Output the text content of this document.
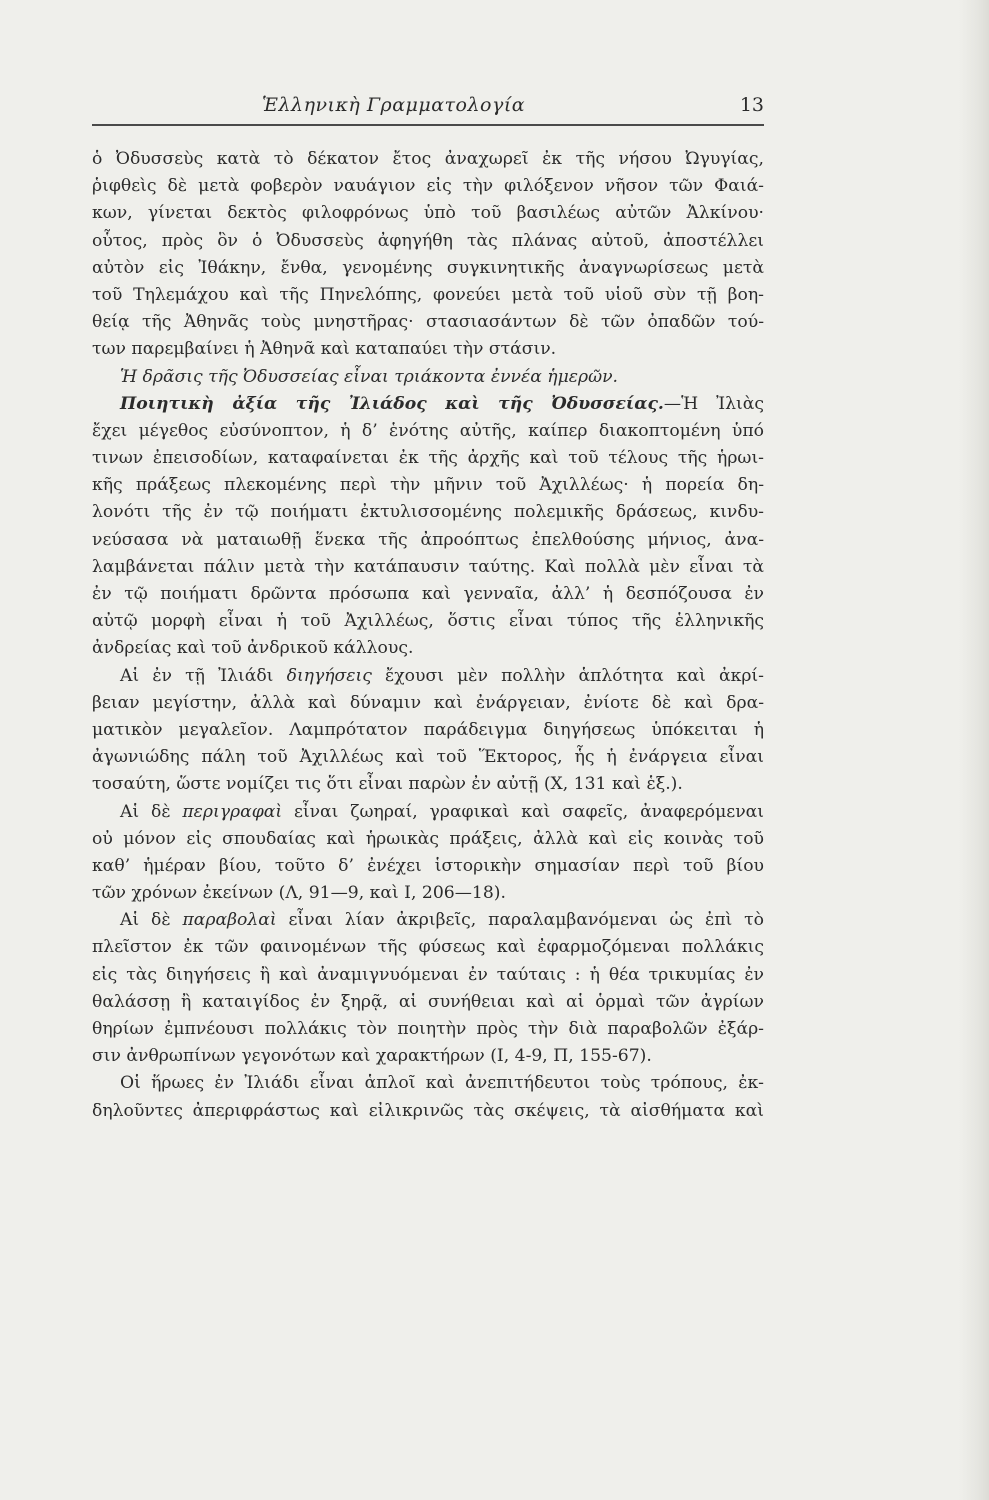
Ἑλληνικὴ Γραμματολογία	13
ὁ Ὀδυσσεὺς κατὰ τὸ δέκατον ἔτος ἀναχωρεῖ ἐκ τῆς νήσου Ὠγυγίας,
ῥιφθεὶς δὲ μετὰ φοβερὸν ναυάγιον εἰς τὴν φιλόξενον νῆσον τῶν Φαιά-
κων, γίνεται δεκτὸς φιλοφρόνως ὑπὸ τοῦ βασιλέως αὐτῶν Ἀλκίνου·
οὗτος, πρὸς ὃν ὁ Ὀδυσσεὺς ἀφηγήθη τὰς πλάνας αὐτοῦ, ἀποστέλλει
αὐτὸν εἰς Ἰθάκην, ἔνθα, γενομένης συγκινητικῆς ἀναγνωρίσεως μετὰ
τοῦ Τηλεμάχου καὶ τῆς Πηνελόπης, φονεύει μετὰ τοῦ υἱοῦ σὺν τῇ βοη-
θείᾳ τῆς Ἀθηνᾶς τοὺς μνηστῆρας· στασιασάντων δὲ τῶν ὀπαδῶν τού-
των παρεμβαίνει ἡ Ἀθηνᾶ καὶ καταπαύει τὴν στάσιν.
Ἡ δρᾶσις τῆς Ὀδυσσείας εἶναι τριάκοντα ἐννέα ἡμερῶν.
Ποιητικὴ ἀξία τῆς Ἰλιάδος καὶ τῆς Ὀδυσσείας.—Ἡ Ἰλιὰς
ἔχει μέγεθος εὐσύνοπτον, ἡ δ’ ἑνότης αὐτῆς, καίπερ διακοπτομένη ὑπό
τινων ἐπεισοδίων, καταφαίνεται ἐκ τῆς ἀρχῆς καὶ τοῦ τέλους τῆς ἡρωι-
κῆς πράξεως πλεκομένης περὶ τὴν μῆνιν τοῦ Ἀχιλλέως· ἡ πορεία δη-
λονότι τῆς ἐν τῷ ποιήματι ἐκτυλισσομένης πολεμικῆς δράσεως, κινδυ-
νεύσασα νὰ ματαιωθῇ ἕνεκα τῆς ἀπροόπτως ἐπελθούσης μήνιος, ἀνα-
λαμβάνεται πάλιν μετὰ τὴν κατάπαυσιν ταύτης. Καὶ πολλὰ μὲν εἶναι τὰ
ἐν τῷ ποιήματι δρῶντα πρόσωπα καὶ γενναῖα, ἀλλ’ ἡ δεσπόζουσα ἐν
αὐτῷ μορφὴ εἶναι ἡ τοῦ Ἀχιλλέως, ὅστις εἶναι τύπος τῆς ἑλληνικῆς
ἀνδρείας καὶ τοῦ ἀνδρικοῦ κάλλους.
Αἱ ἐν τῇ Ἰλιάδι διηγήσεις ἔχουσι μὲν πολλὴν ἁπλότητα καὶ ἀκρί-
βειαν μεγίστην, ἀλλὰ καὶ δύναμιν καὶ ἐνάργειαν, ἐνίοτε δὲ καὶ δρα-
ματικὸν μεγαλεῖον. Λαμπρότατον παράδειγμα διηγήσεως ὑπόκειται ἡ
ἀγωνιώδης πάλη τοῦ Ἀχιλλέως καὶ τοῦ Ἕκτορος, ἧς ἡ ἐνάργεια εἶναι
τοσαύτη, ὥστε νομίζει τις ὅτι εἶναι παρὼν ἐν αὐτῇ (Χ, 131 καὶ ἑξ.).
Αἱ δὲ περιγραφαὶ εἶναι ζωηραί, γραφικαὶ καὶ σαφεῖς, ἀναφερόμεναι
οὐ μόνον εἰς σπουδαίας καὶ ἡρωικὰς πράξεις, ἀλλὰ καὶ εἰς κοινὰς τοῦ
καθ’ ἡμέραν βίου, τοῦτο δ’ ἐνέχει ἱστορικὴν σημασίαν περὶ τοῦ βίου
τῶν χρόνων ἐκείνων (Λ, 91—9, καὶ Ι, 206—18).
Αἱ δὲ παραβολαὶ εἶναι λίαν ἀκριβεῖς, παραλαμβανόμεναι ὡς ἐπὶ τὸ
πλεῖστον ἐκ τῶν φαινομένων τῆς φύσεως καὶ ἐφαρμοζόμεναι πολλάκις
εἰς τὰς διηγήσεις ἢ καὶ ἀναμιγνυόμεναι ἐν ταύταις : ἡ θέα τρικυμίας ἐν
θαλάσσῃ ἢ καταιγίδος ἐν ξηρᾷ, αἱ συνήθειαι καὶ αἱ ὁρμαὶ τῶν ἀγρίων
θηρίων ἐμπνέουσι πολλάκις τὸν ποιητὴν πρὸς τὴν διὰ παραβολῶν ἐξάρ-
σιν ἀνθρωπίνων γεγονότων καὶ χαρακτήρων (Ι, 4-9, Π, 155-67).
Οἱ ἥρωες ἐν Ἰλιάδι εἶναι ἁπλοῖ καὶ ἀνεπιτήδευτοι τοὺς τρόπους, ἐκ-
δηλοῦντες ἀπεριφράστως καὶ εἰλικρινῶς τὰς σκέψεις, τὰ αἰσθήματα καὶ
